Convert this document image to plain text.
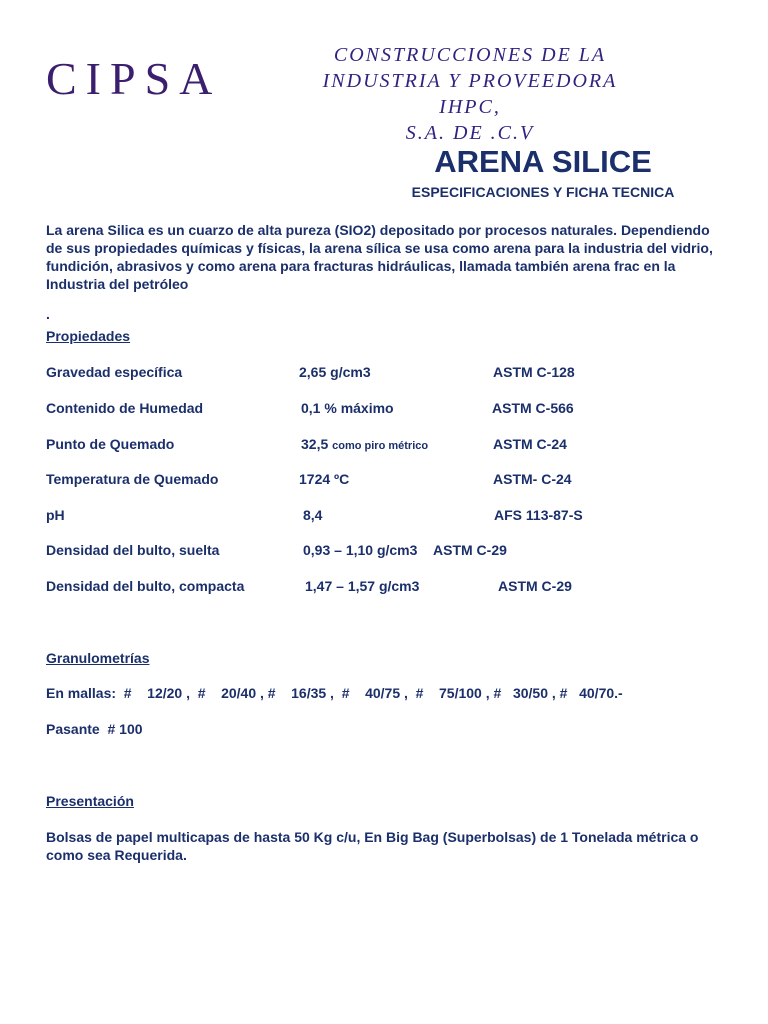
CIPSA	CONSTRUCCIONES DE LA
INDUSTRIA Y PROVEEDORA IHPC,
S.A. DE .C.V
ARENA SILICE
ESPECIFICACIONES Y FICHA TECNICA
La arena Silica es un cuarzo de alta pureza (SIO2) depositado por procesos naturales. Dependiendo de sus propiedades químicas y físicas, la arena sílica se usa como arena para la industria del vidrio, fundición, abrasivos y como arena para fracturas hidráulicas, llamada también arena frac en la Industria del petróleo
.
Propiedades
Gravedad específica	2,65 g/cm3	ASTM C-128
Contenido de Humedad	0,1 % máximo	ASTM C-566
Punto de Quemado	32,5 como piro métrico	ASTM C-24
Temperatura de Quemado	1724 ºC	ASTM- C-24
pH	8,4	AFS 113-87-S
Densidad del bulto, suelta	0,93 – 1,10 g/cm3 ASTM C-29
Densidad del bulto, compacta	1,47 – 1,57 g/cm3	ASTM C-29
Granulometrías
En mallas:  #    12/20 ,  #    20/40 , #    16/35 ,  #    40/75 ,  #    75/100 , #   30/50 , #   40/70.-
Pasante  # 100
Presentación
Bolsas de papel multicapas de hasta 50 Kg c/u, En Big Bag (Superbolsas) de 1 Tonelada métrica o como sea Requerida.
